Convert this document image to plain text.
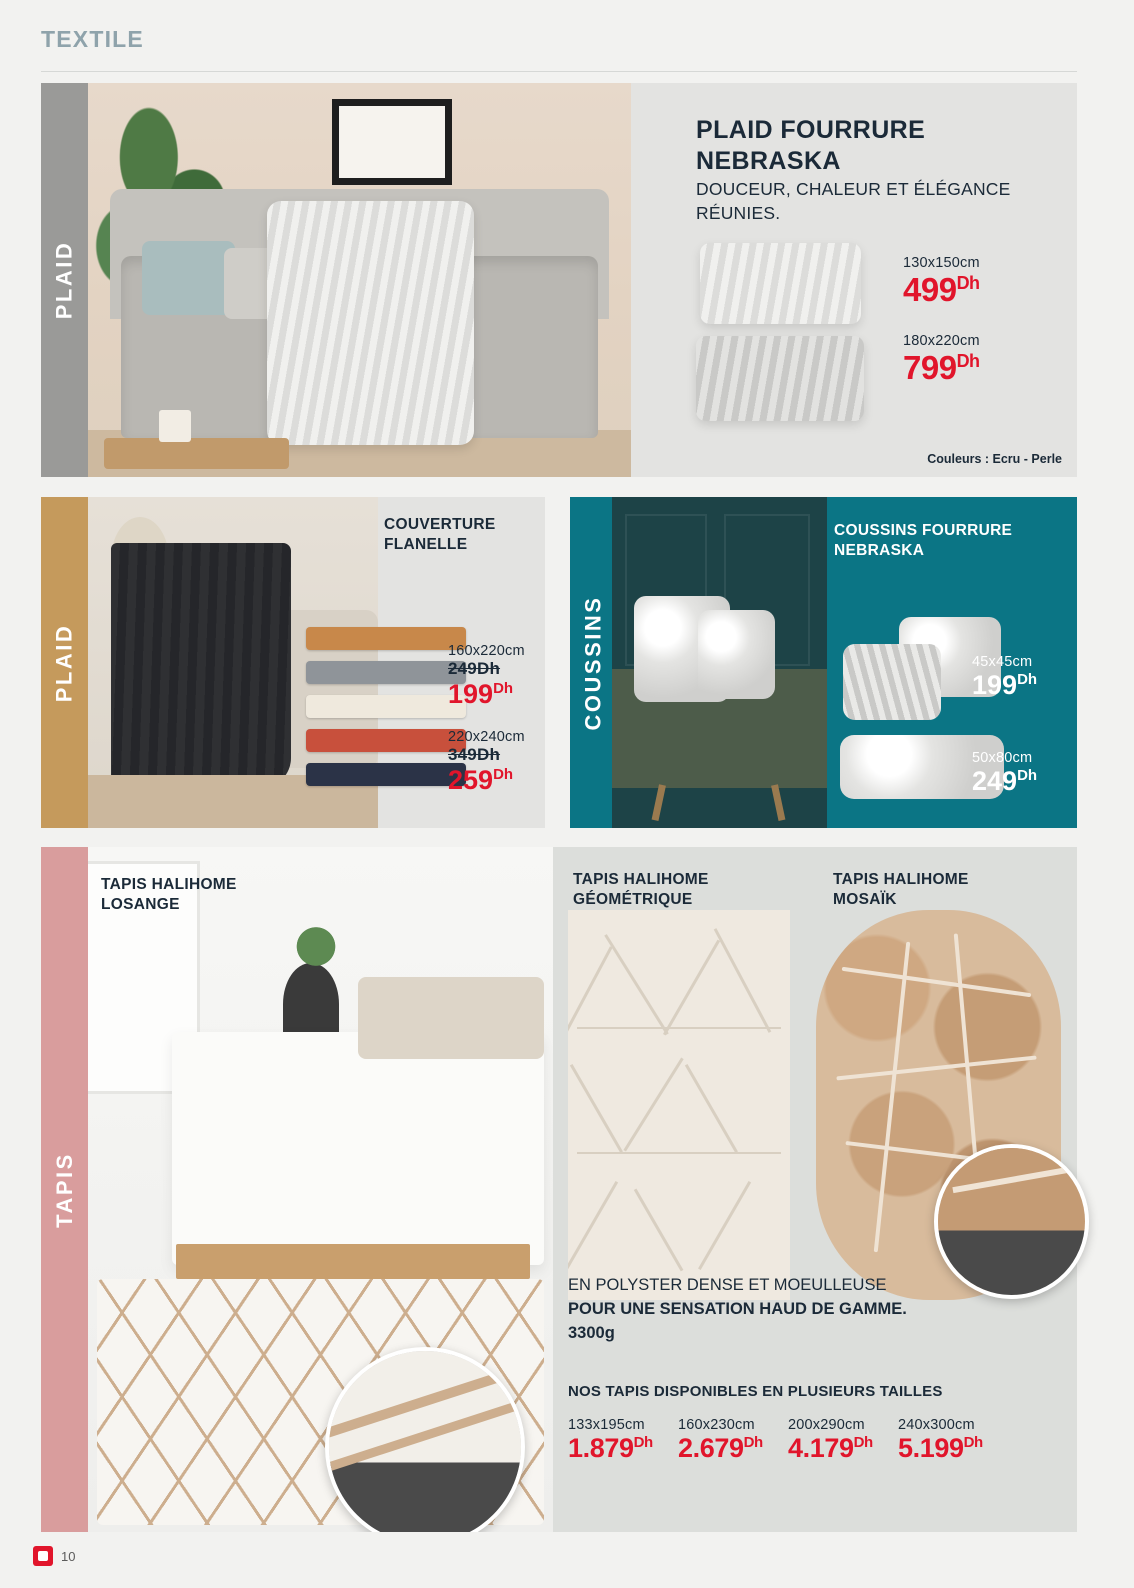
TEXTILE
PLAID
PLAID FOURRURE NEBRASKA
DOUCEUR, CHALEUR ET ÉLÉGANCE RÉUNIES.
130x150cm
$499^{Dh}$
180x220cm
$799^{Dh}$
Couleurs : Ecru - Perle
PLAID
COUVERTURE FLANELLE
160x220cm
249Dh
$199^{Dh}$
220x240cm
349Dh
$259^{Dh}$
COUSSINS
COUSSINS FOURRURE NEBRASKA
45x45cm
$199^{Dh}$
50x80cm
$249^{Dh}$
TAPIS
TAPIS HALIHOME LOSANGE
TAPIS HALIHOME GÉOMÉTRIQUE
TAPIS HALIHOME MOSAÏK
EN POLYSTER DENSE ET MOEULLEUSE
POUR UNE SENSATION HAUD DE GAMME.
3300g
NOS TAPIS DISPONIBLES EN PLUSIEURS TAILLES
133x195cm
$1.879^{Dh}$
160x230cm
$2.679^{Dh}$
200x290cm
$4.179^{Dh}$
240x300cm
$5.199^{Dh}$
10
